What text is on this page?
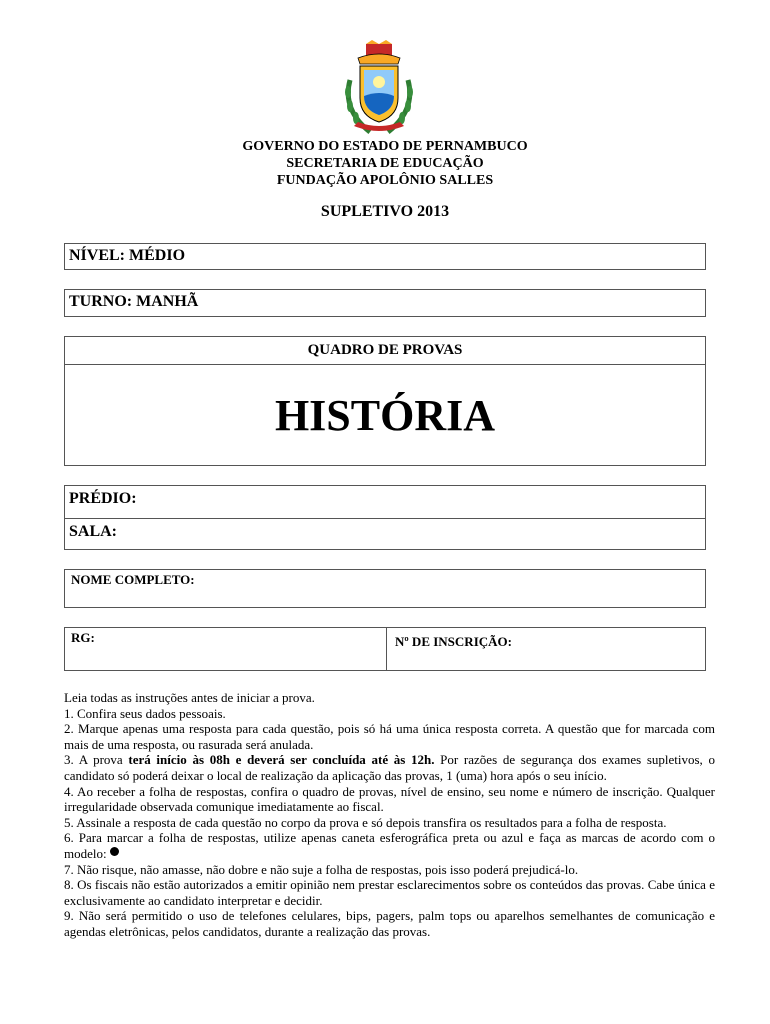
GOVERNO DO ESTADO DE PERNAMBUCO
SECRETARIA DE EDUCAÇÃO
FUNDAÇÃO APOLÔNIO SALLES
SUPLETIVO 2013
NÍVEL: MÉDIO
TURNO: MANHÃ
QUADRO DE PROVAS
HISTÓRIA
PRÉDIO:
SALA:
NOME COMPLETO:
RG:	Nº DE INSCRIÇÃO:

Leia todas as instruções antes de iniciar a prova.

1. Confira seus dados pessoais.

2. Marque apenas uma resposta para cada questão, pois só há uma única resposta correta. A questão que for marcada com mais de uma resposta, ou rasurada será anulada.

3. A prova terá início às 08h e deverá ser concluída até às 12h. Por razões de segurança dos exames supletivos, o candidato só poderá deixar o local de realização da aplicação das provas, 1 (uma) hora após o seu início.

4. Ao receber a folha de respostas, confira o quadro de provas, nível de ensino, seu nome e número de inscrição. Qualquer irregularidade observada comunique imediatamente ao fiscal.

5. Assinale a resposta de cada questão no corpo da prova e só depois transfira os resultados para a folha de resposta.

6. Para marcar a folha de respostas, utilize apenas caneta esferográfica preta ou azul e faça as marcas de acordo com o modelo:

7. Não risque, não amasse, não dobre e não suje a folha de respostas, pois isso poderá prejudicá-lo.

8. Os fiscais não estão autorizados a emitir opinião nem prestar esclarecimentos sobre os conteúdos das provas. Cabe única e exclusivamente ao candidato interpretar e decidir.

9. Não será permitido o uso de telefones celulares, bips, pagers, palm tops ou aparelhos semelhantes de comunicação e agendas eletrônicas, pelos candidatos, durante a realização das provas.
